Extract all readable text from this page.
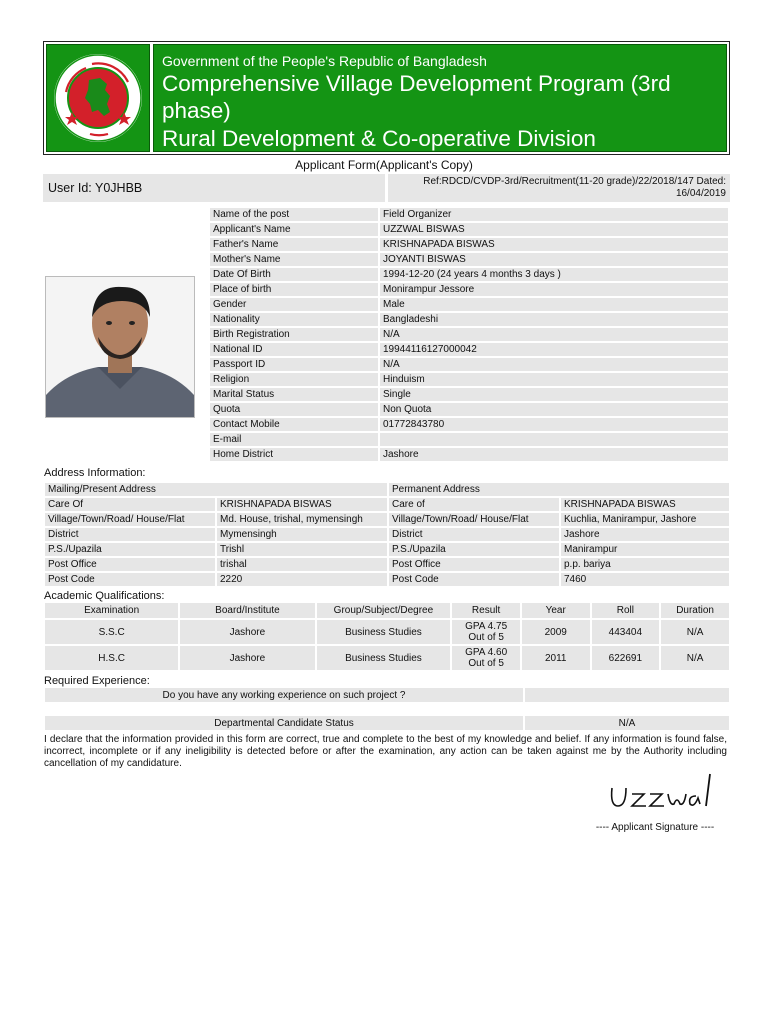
Government of the People's Republic of Bangladesh
Comprehensive Village Development Program (3rd phase)
Rural Development & Co-operative Division
Applicant Form(Applicant's Copy)
User Id: Y0JHBB	Ref:RDCD/CVDP-3rd/Recruitment(11-20 grade)/22/2018/147 Dated:
16/04/2019
Name of the post	Field Organizer
Applicant's Name	UZZWAL BISWAS
Father's Name	KRISHNAPADA BISWAS
Mother's Name	JOYANTI BISWAS
Date Of Birth	1994-12-20 (24 years 4 months 3 days )
Place of birth	Monirampur Jessore
Gender	Male
Nationality	Bangladeshi
Birth Registration	N/A
National ID	19944116127000042
Passport ID	N/A
Religion	Hinduism
Marital Status	Single
Quota	Non Quota
Contact Mobile	01772843780
E-mail	
Home District	Jashore
Address Information:
Mailing/Present Address		Permanent Address	
Care Of	KRISHNAPADA BISWAS	Care of	KRISHNAPADA BISWAS
Village/Town/Road/ House/Flat	Md. House, trishal, mymensingh	Village/Town/Road/ House/Flat	Kuchlia, Manirampur, Jashore
District	Mymensingh	District	Jashore
P.S./Upazila	Trishl	P.S./Upazila	Manirampur
Post Office	trishal	Post Office	p.p. bariya
Post Code	2220	Post Code	7460
Academic Qualifications:
Examination	Board/Institute	Group/Subject/Degree	Result	Year	Roll	Duration
S.S.C	Jashore	Business Studies	GPA 4.75
Out of 5	2009	443404	N/A
H.S.C	Jashore	Business Studies	GPA 4.60
Out of 5	2011	622691	N/A
Required Experience:
Do you have any working experience on such project ?	
Departmental Candidate Status	N/A
I declare that the information provided in this form are correct, true and complete to the best of my knowledge and belief. If any information is found false, incorrect, incomplete or if any ineligibility is detected before or after the examination, any action can be taken against me by the Authority including cancellation of my candidature.
---- Applicant Signature ----
